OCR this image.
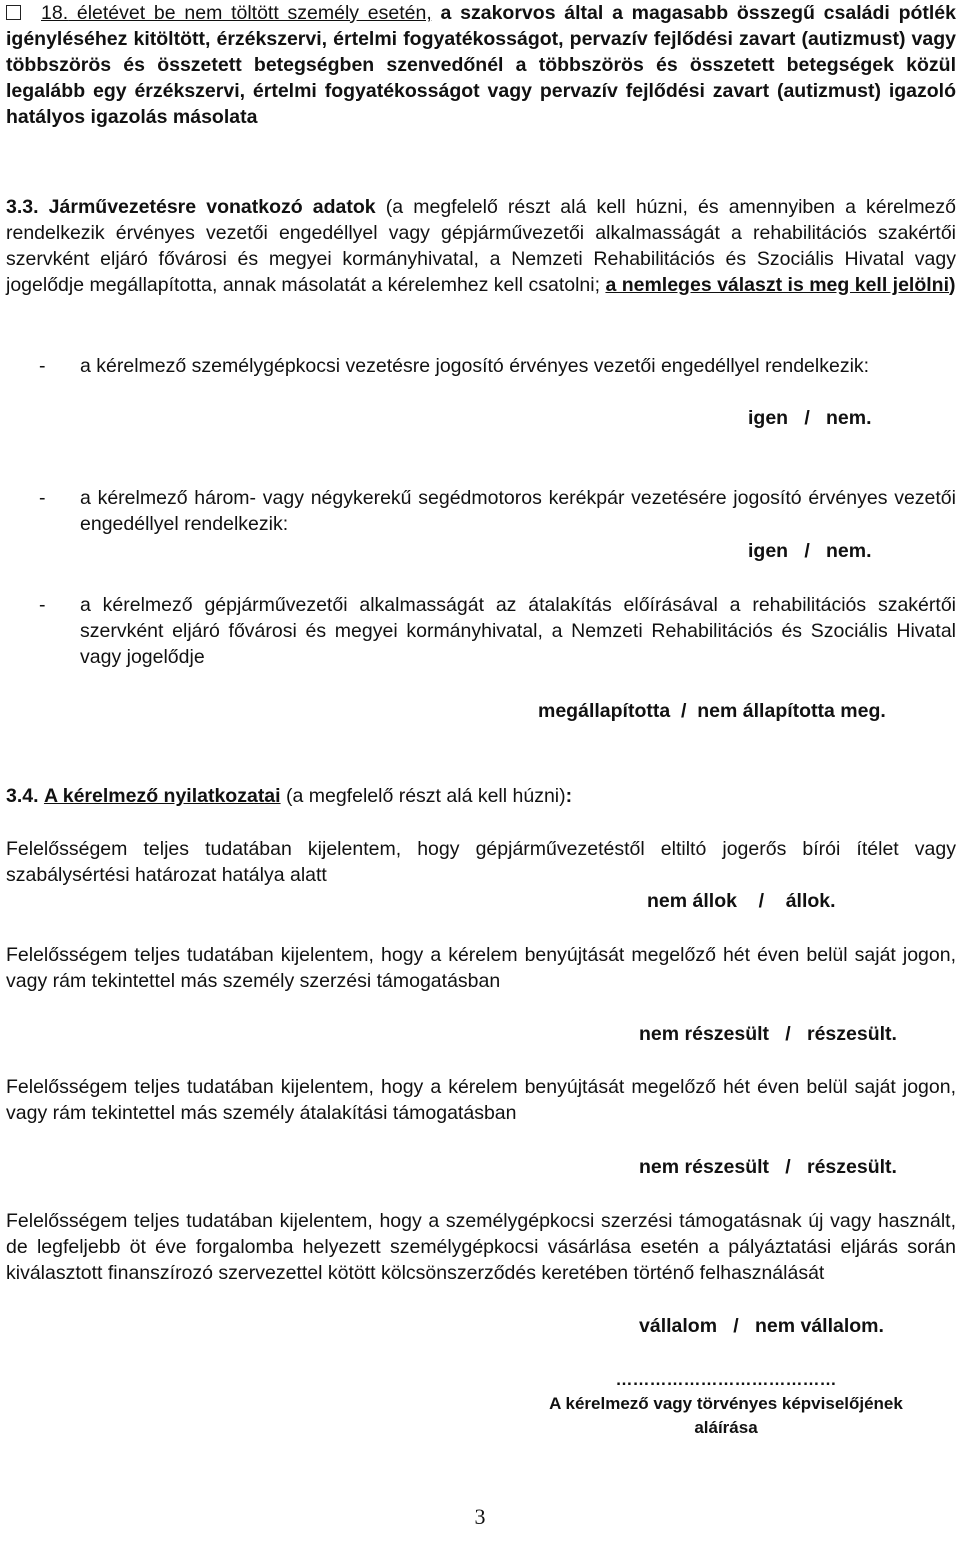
18. életévet be nem töltött személy esetén, a szakorvos által a magasabb összegű családi pótlék igényléséhez kitöltött, érzékszervi, értelmi fogyatékosságot, pervazív fejlődési zavart (autizmust) vagy többszörös és összetett betegségben szenvedőnél a többszörös és összetett betegségek közül legalább egy érzékszervi, értelmi fogyatékosságot vagy pervazív fejlődési zavart (autizmust) igazoló hatályos igazolás másolata

3.3. Járművezetésre vonatkozó adatok (a megfelelő részt alá kell húzni, és amennyiben a kérelmező rendelkezik érvényes vezetői engedéllyel vagy gépjárművezetői alkalmasságát a rehabilitációs szakértői szervként eljáró fővárosi és megyei kormányhivatal, a Nemzeti Rehabilitációs és Szociális Hivatal vagy jogelődje megállapította, annak másolatát a kérelemhez kell csatolni; a nemleges választ is meg kell jelölni)

- a kérelmező személygépkocsi vezetésre jogosító érvényes vezetői engedéllyel rendelkezik:

igen   /   nem.
- a kérelmező három- vagy négykerekű segédmotoros kerékpár vezetésére jogosító érvényes vezetői engedéllyel rendelkezik:

igen   /   nem.
- a kérelmező gépjárművezetői alkalmasságát az átalakítás előírásával a rehabilitációs szakértői szervként eljáró fővárosi és megyei kormányhivatal, a Nemzeti Rehabilitációs és Szociális Hivatal vagy jogelődje

megállapította  /  nem állapította meg.

3.4. A kérelmező nyilatkozatai (a megfelelő részt alá kell húzni):

Felelősségem teljes tudatában kijelentem, hogy gépjárművezetéstől eltiltó jogerős bírói ítélet vagy szabálysértési határozat hatálya alatt

nem állok    /    állok.

Felelősségem teljes tudatában kijelentem, hogy a kérelem benyújtását megelőző hét éven belül saját jogon, vagy rám tekintettel más személy szerzési támogatásban

nem részesült   /   részesült.

Felelősségem teljes tudatában kijelentem, hogy a kérelem benyújtását megelőző hét éven belül saját jogon, vagy rám tekintettel más személy átalakítási támogatásban

nem részesült   /   részesült.

Felelősségem teljes tudatában kijelentem, hogy a személygépkocsi szerzési támogatásnak új vagy használt, de legfeljebb öt éve forgalomba helyezett személygépkocsi vásárlása esetén a pályáztatási eljárás során kiválasztott finanszírozó szervezettel kötött kölcsönszerződés keretében történő felhasználását

vállalom   /   nem vállalom.
…………………………………
A kérelmező vagy törvényes képviselőjének
aláírása
3
